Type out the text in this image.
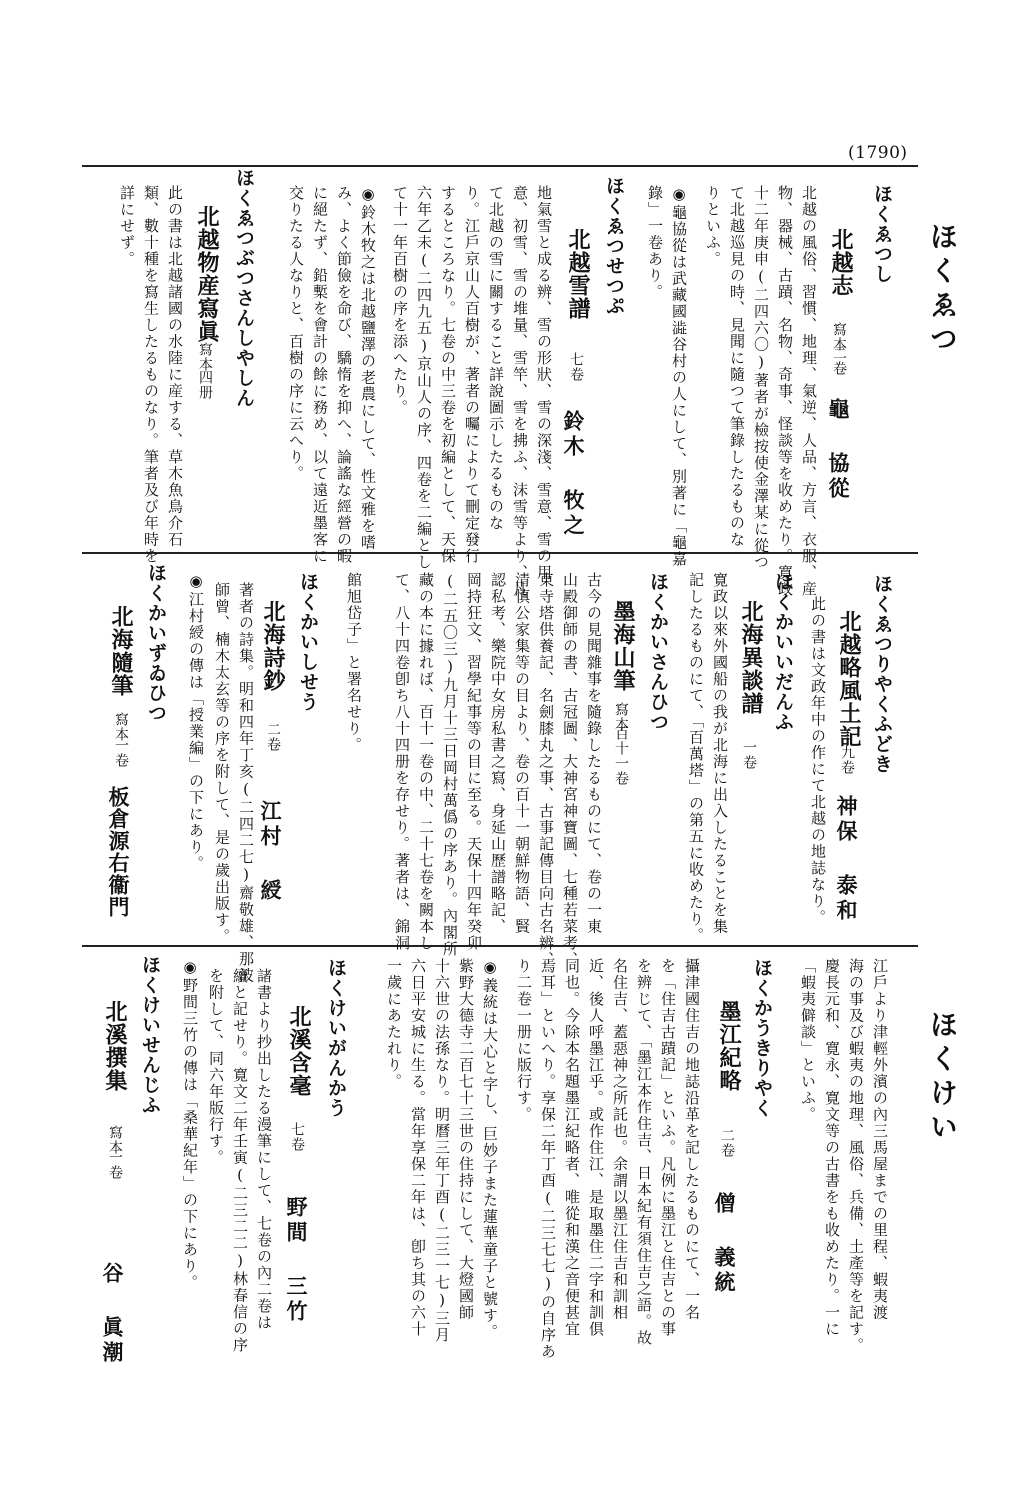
(1790)
ほくゑつ
ほくけい
ほくゑつし
北越志
寫本
二卷
龜 協從
北越の風俗、習慣、地理、氣逆、人品、方言、衣服、産
物、器械、古蹟、名物、奇事、怪談等を收めたり。寛政
十二年庚申(二四六〇)著者が檢按使金澤某に從つ
て北越巡見の時、見聞に隨つて筆錄したるものな
りといふ。
◉龜協從は武藏國澁谷村の人にして、別著に「龜嘉
錄」一卷あり。
ほくゑつせつぷ
北越雪譜
七卷
鈴木 牧之
地氣雪と成る辨、雪の形狀、雪の深淺、雪意、雪の用
意、初雪、雪の堆量、雪竿、雪を拂ふ、沫雪等より、凡
て北越の雪に關すること詳說圖示したるものな
り。江戶京山人百樹が、著者の囑によりて刪定發行
するところなり。七卷の中三卷を初編として、天保
六年乙未(二四九五)京山人の序、四卷を二編とし
て十一年百樹の序を添へたり。
◉鈴木牧之は北越鹽澤の老農にして、性文雅を嗜
み、よく節儉を命び、驕惰を抑へ、論謠な經營の暇
に絕たず、鉛槧を會計の餘に務め、以て遠近墨客に
交りたる人なりと、百樹の序に云へり。
ほくゑつぶつさんしやしん
北越物産寫眞
寫本
四册
此の書は北越諸國の水陸に産する、草木魚鳥介石
類、數十種を寫生したるものなり。筆者及び年時を
詳にせず。
ほくゑつりやくふどき
北越略風土記
九卷
神保 泰和
此の書は文政年中の作にて北越の地誌なり。
ほくかいいだんふ
北海異談譜
一卷
寛政以來外國船の我が北海に出入したることを集
記したるものにて、「百萬塔」の第五に收めたり。
ほくかいさんひつ
墨海山筆
寫本
百十一卷
古今の見聞雜事を隨錄したるものにて、卷の一東
山殿御師の書、古冠圖、大神宮神寶圖、七種若菜考、
東寺塔供養記、名劍膝丸之事、古事記傳目向古名辨、
清慎公家集等の目より、卷の百十一朝鮮物語、賢
認私考、樂院中女房私書之寫、身延山歷譜略記、
岡持狂文、習學紀事等の目に至る。天保十四年癸卯
(二五〇三)九月十三日岡村萬僞の序あり。內閣所
藏の本に據れば、百十一卷の中、二十七卷を闕本し
て、八十四卷卽ち八十四册を存せり。著者は、錦洞
館旭岱子」と署名せり。
ほくかいしせう
北海詩鈔
二卷
江村 綬
著者の詩集。明和四年丁亥(二四二七)齋敬雄、那波
師曾、楠木太玄等の序を附して、是の歲出版す。
◉江村綬の傳は「授業編」の下にあり。
ほくかいずゐひつ
北海隨筆
寫本
一卷
板倉源右衞門
江戶より津輕外濱の內三馬屋までの里程、蝦夷渡
海の事及び蝦夷の地理、風俗、兵備、土產等を記す。
慶長元和、寛永、寛文等の古書をも收めたり。一に
「蝦夷僻談」といふ。
ほくかうきりやく
墨江紀略
二卷
僧 義統
攝津國住吉の地誌沿革を記したるものにて、一名
を「住吉古蹟記」といふ。凡例に墨江と住吉との事
を辨じて、「墨江本作住吉、日本紀有須住吉之語。故
名住吉、蓋惡神之所託也。余謂以墨江住吉和訓相
近、後人呼墨江乎。或作住江、是取墨住二字和訓俱
同也。今除本名題墨江紀略者、唯從和漢之音便甚宜
焉耳」といへり。享保二年丁酉(二三七七)の自序あ
り二卷一册に版行す。
◉義統は大心と字し、巨妙子また蓮華童子と號す。
紫野大德寺二百七十三世の住持にして、大燈國師
十六世の法孫なり。明曆三年丁酉(二三一七)三月
六日平安城に生る。當年享保二年は、卽ち其の六十
一歲にあたれり。
ほくけいがんかう
北溪含毫
七卷
野間 三竹
諸書より抄出したる漫筆にして、七卷の內二卷は
續と記せり。寛文二年壬寅(二三二二)林春信の序
を附して、同六年版行す。
◉野間三竹の傳は「桑華紀年」の下にあり。
ほくけいせんじふ
北溪撰集
寫本
一卷
谷 眞潮
